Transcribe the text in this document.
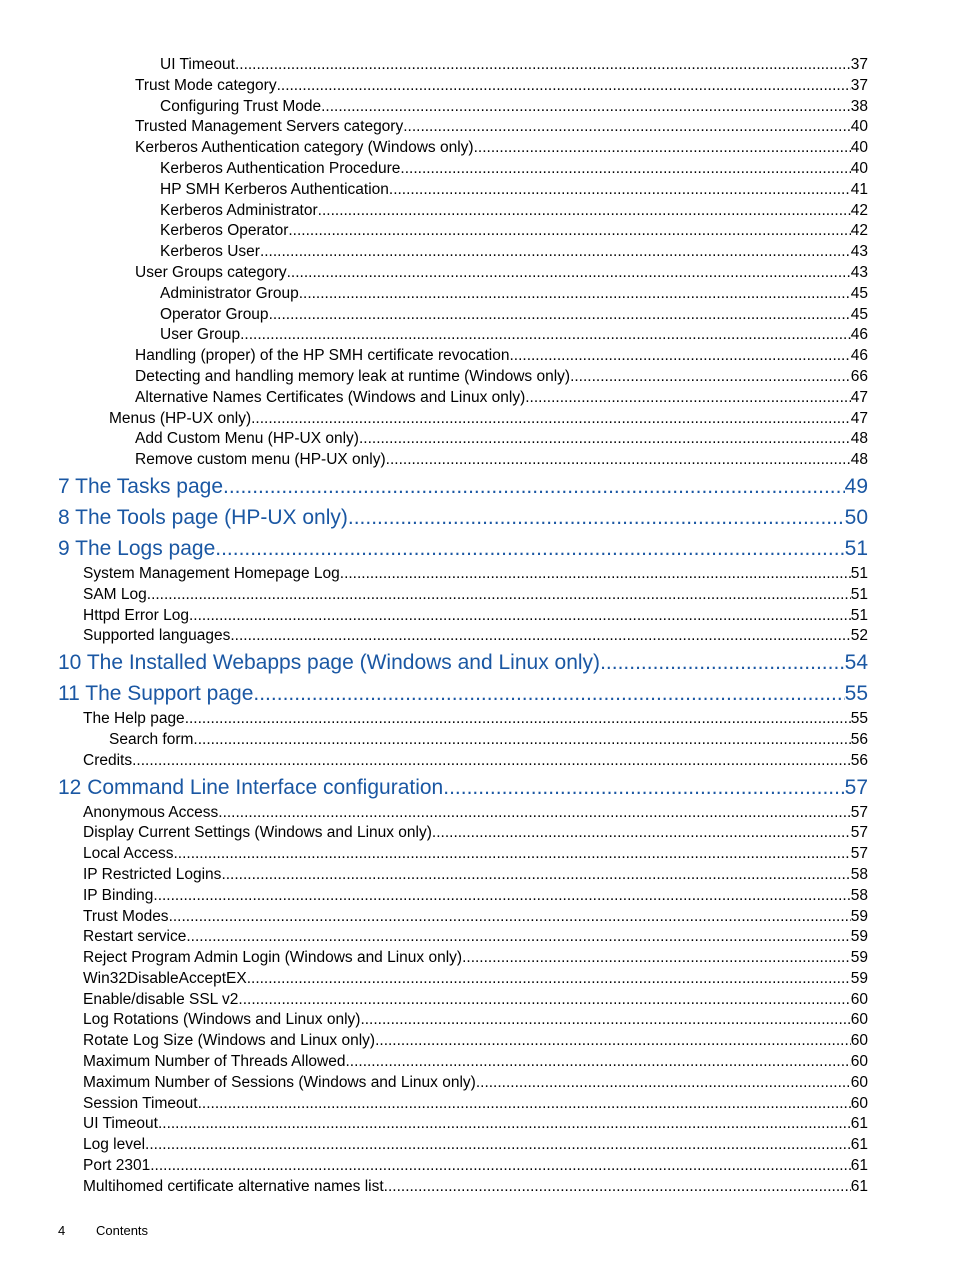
UI Timeout .....	37
Trust Mode category .....	37
Configuring Trust Mode .....	38
Trusted Management Servers category .....	40
Kerberos Authentication category (Windows only) .....	40
Kerberos Authentication Procedure .....	40
HP SMH Kerberos Authentication .....	41
Kerberos Administrator .....	42
Kerberos Operator .....	42
Kerberos User .....	43
User Groups category .....	43
Administrator Group .....	45
Operator Group .....	45
User Group .....	46
Handling (proper) of the HP SMH certificate revocation .....	46
Detecting and handling memory leak at runtime (Windows only) .....	66
Alternative Names Certificates (Windows and Linux only) .....	47
Menus (HP-UX only) .....	47
Add Custom Menu (HP-UX only) .....	48
Remove custom menu (HP-UX only) .....	48
7 The Tasks page .....	49
8 The Tools page (HP-UX only) .....	50
9 The Logs page .....	51
System Management Homepage Log .....	51
SAM Log .....	51
Httpd Error Log .....	51
Supported languages .....	52
10 The Installed Webapps page (Windows and Linux only) .....	54
11 The Support page .....	55
The Help page .....	55
Search form .....	56
Credits .....	56
12 Command Line Interface configuration .....	57
Anonymous Access .....	57
Display Current Settings (Windows and Linux only) .....	57
Local Access .....	57
IP Restricted Logins .....	58
IP Binding .....	58
Trust Modes .....	59
Restart service .....	59
Reject Program Admin Login (Windows and Linux only) .....	59
Win32DisableAcceptEX .....	59
Enable/disable SSL v2 .....	60
Log Rotations (Windows and Linux only) .....	60
Rotate Log Size (Windows and Linux only) .....	60
Maximum Number of Threads Allowed .....	60
Maximum Number of Sessions (Windows and Linux only) .....	60
Session Timeout .....	60
UI Timeout .....	61
Log level .....	61
Port 2301 .....	61
Multihomed certificate alternative names list .....	61
4 Contents
